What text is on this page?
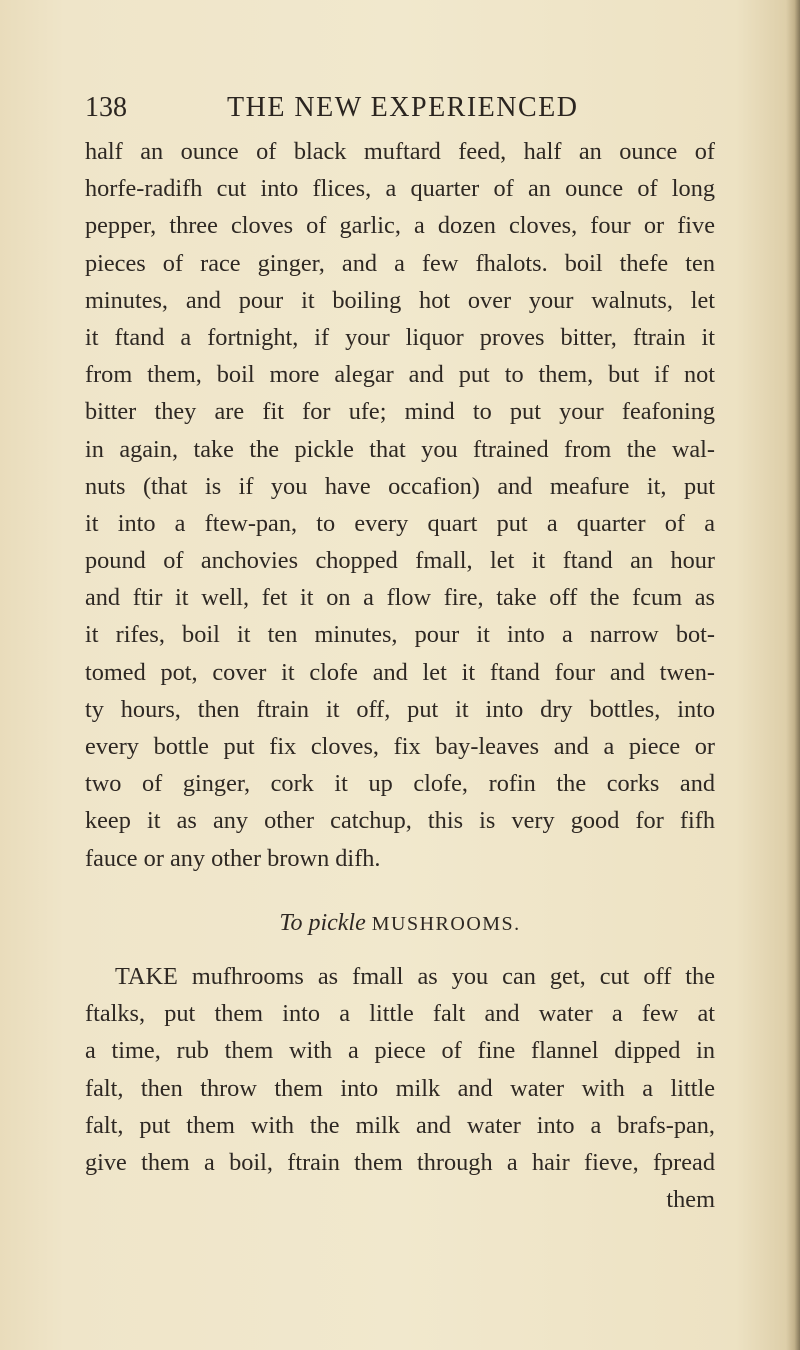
138	THE NEW EXPERIENCED
half an ounce of black muftard feed, half an ounce of
horfe-radifh cut into flices, a quarter of an ounce of long
pepper, three cloves of garlic, a dozen cloves, four or five
pieces of race ginger, and a few fhalots. boil thefe ten
minutes, and pour it boiling hot over your walnuts, let
it ftand a fortnight, if your liquor proves bitter, ftrain it
from them, boil more alegar and put to them, but if not
bitter they are fit for ufe; mind to put your feafoning
in again, take the pickle that you ftrained from the wal-
nuts (that is if you have occafion) and meafure it, put
it into a ftew-pan, to every quart put a quarter of a
pound of anchovies chopped fmall, let it ftand an hour
and ftir it well, fet it on a flow fire, take off the fcum as
it rifes, boil it ten minutes, pour it into a narrow bot-
tomed pot, cover it clofe and let it ftand four and twen-
ty hours, then ftrain it off, put it into dry bottles, into
every bottle put fix cloves, fix bay-leaves and a piece or
two of ginger, cork it up clofe, rofin the corks and
keep it as any other catchup, this is very good for fifh
fauce or any other brown difh.
To pickle MUSHROOMS.
TAKE mufhrooms as fmall as you can get, cut off the
ftalks, put them into a little falt and water a few at
a time, rub them with a piece of fine flannel dipped in
falt, then throw them into milk and water with a little
falt, put them with the milk and water into a brafs-pan,
give them a boil, ftrain them through a hair fieve, fpread
them
